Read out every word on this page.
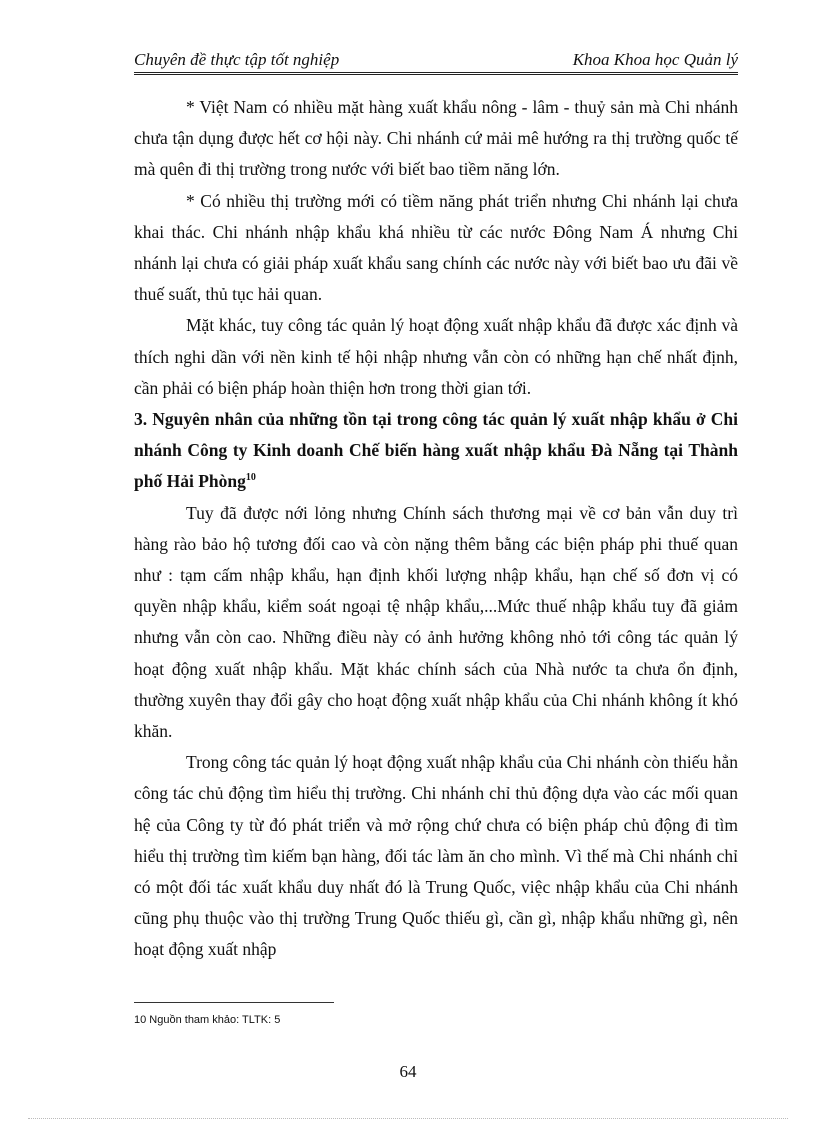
Chuyên đề thực tập tốt nghiệp	Khoa Khoa học Quản lý

* Việt Nam có nhiều mặt hàng xuất khẩu nông - lâm - thuỷ sản mà Chi nhánh chưa tận dụng được hết cơ hội này. Chi nhánh cứ mải mê hướng ra thị trường quốc tế mà quên đi thị trường trong nước với biết bao tiềm năng lớn.

* Có nhiều thị trường mới có tiềm năng phát triển nhưng Chi nhánh lại chưa khai thác. Chi nhánh nhập khẩu khá nhiều từ các nước Đông Nam Á nhưng Chi nhánh lại chưa có giải pháp xuất khẩu sang chính các nước này với biết bao ưu đãi về thuế suất, thủ tục hải quan.

Mặt khác, tuy công tác quản lý hoạt động xuất nhập khẩu đã được xác định và thích nghi dần với nền kinh tế hội nhập nhưng vẫn còn có những hạn chế nhất định, cần phải có biện pháp hoàn thiện hơn trong thời gian tới.

3. Nguyên nhân của những tồn tại trong công tác quản lý xuất nhập khẩu ở Chi nhánh Công ty Kinh doanh Chế biến hàng xuất nhập khẩu Đà Nẵng tại Thành phố Hải Phòng$^{10}$

Tuy đã được nới lỏng nhưng Chính sách thương mại về cơ bản vẫn duy trì hàng rào bảo hộ tương đối cao và còn nặng thêm bằng các biện pháp phi thuế quan như : tạm cấm nhập khẩu, hạn định khối lượng nhập khẩu, hạn chế số đơn vị có quyền nhập khẩu, kiểm soát ngoại tệ nhập khẩu,...Mức thuế nhập khẩu tuy đã giảm nhưng vẫn còn cao. Những điều này có ảnh hưởng không nhỏ tới công tác quản lý hoạt động xuất nhập khẩu. Mặt khác chính sách của Nhà nước ta chưa ổn định, thường xuyên thay đổi gây cho hoạt động xuất nhập khẩu của Chi nhánh không ít khó khăn.

Trong công tác quản lý hoạt động xuất nhập khẩu của Chi nhánh còn thiếu hẳn công tác chủ động tìm hiểu thị trường. Chi nhánh chỉ thủ động dựa vào các mối quan hệ của Công ty từ đó phát triển và mở rộng chứ chưa có biện pháp chủ động đi tìm hiểu thị trường tìm kiếm bạn hàng, đối tác làm ăn cho mình. Vì thế mà Chi nhánh chỉ có một đối tác xuất khẩu duy nhất đó là Trung Quốc, việc nhập khẩu của Chi nhánh cũng phụ thuộc vào thị trường Trung Quốc thiếu gì, cần gì, nhập khẩu những gì, nên hoạt động xuất nhập

10 Nguồn tham khảo: TLTK: 5
64
